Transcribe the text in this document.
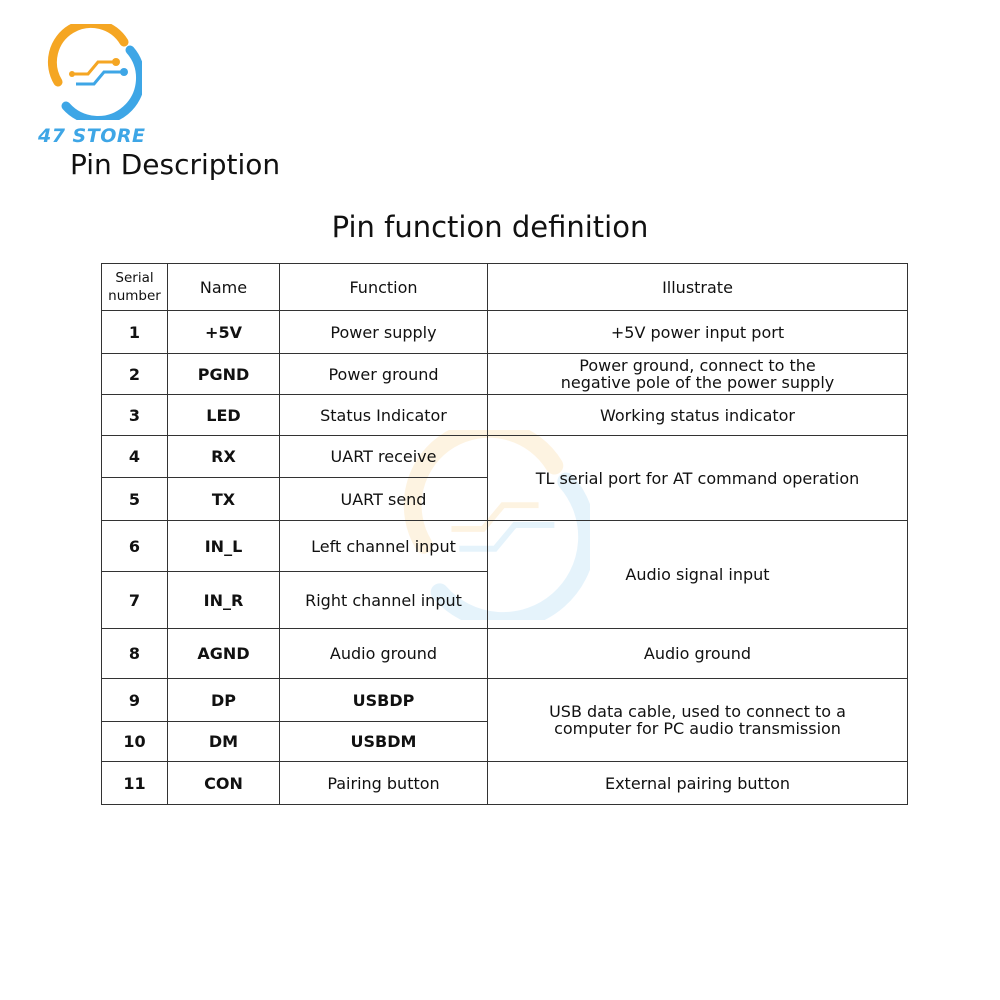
47 STORE
Pin Description
Pin function definition
Serial number	Name	Function	Illustrate
1	+5V	Power supply	+5V power input port
2	PGND	Power ground	Power ground, connect to the negative pole of the power supply
3	LED	Status Indicator	Working status indicator
4	RX	UART receive	TL serial port for AT command operation
5	TX	UART send	
6	IN_L	Left channel input	Audio signal input
7	IN_R	Right channel input	
8	AGND	Audio ground	Audio ground
9	DP	USBDP	USB data cable, used to connect to a computer for PC audio transmission
10	DM	USBDM	
11	CON	Pairing button	External pairing button
